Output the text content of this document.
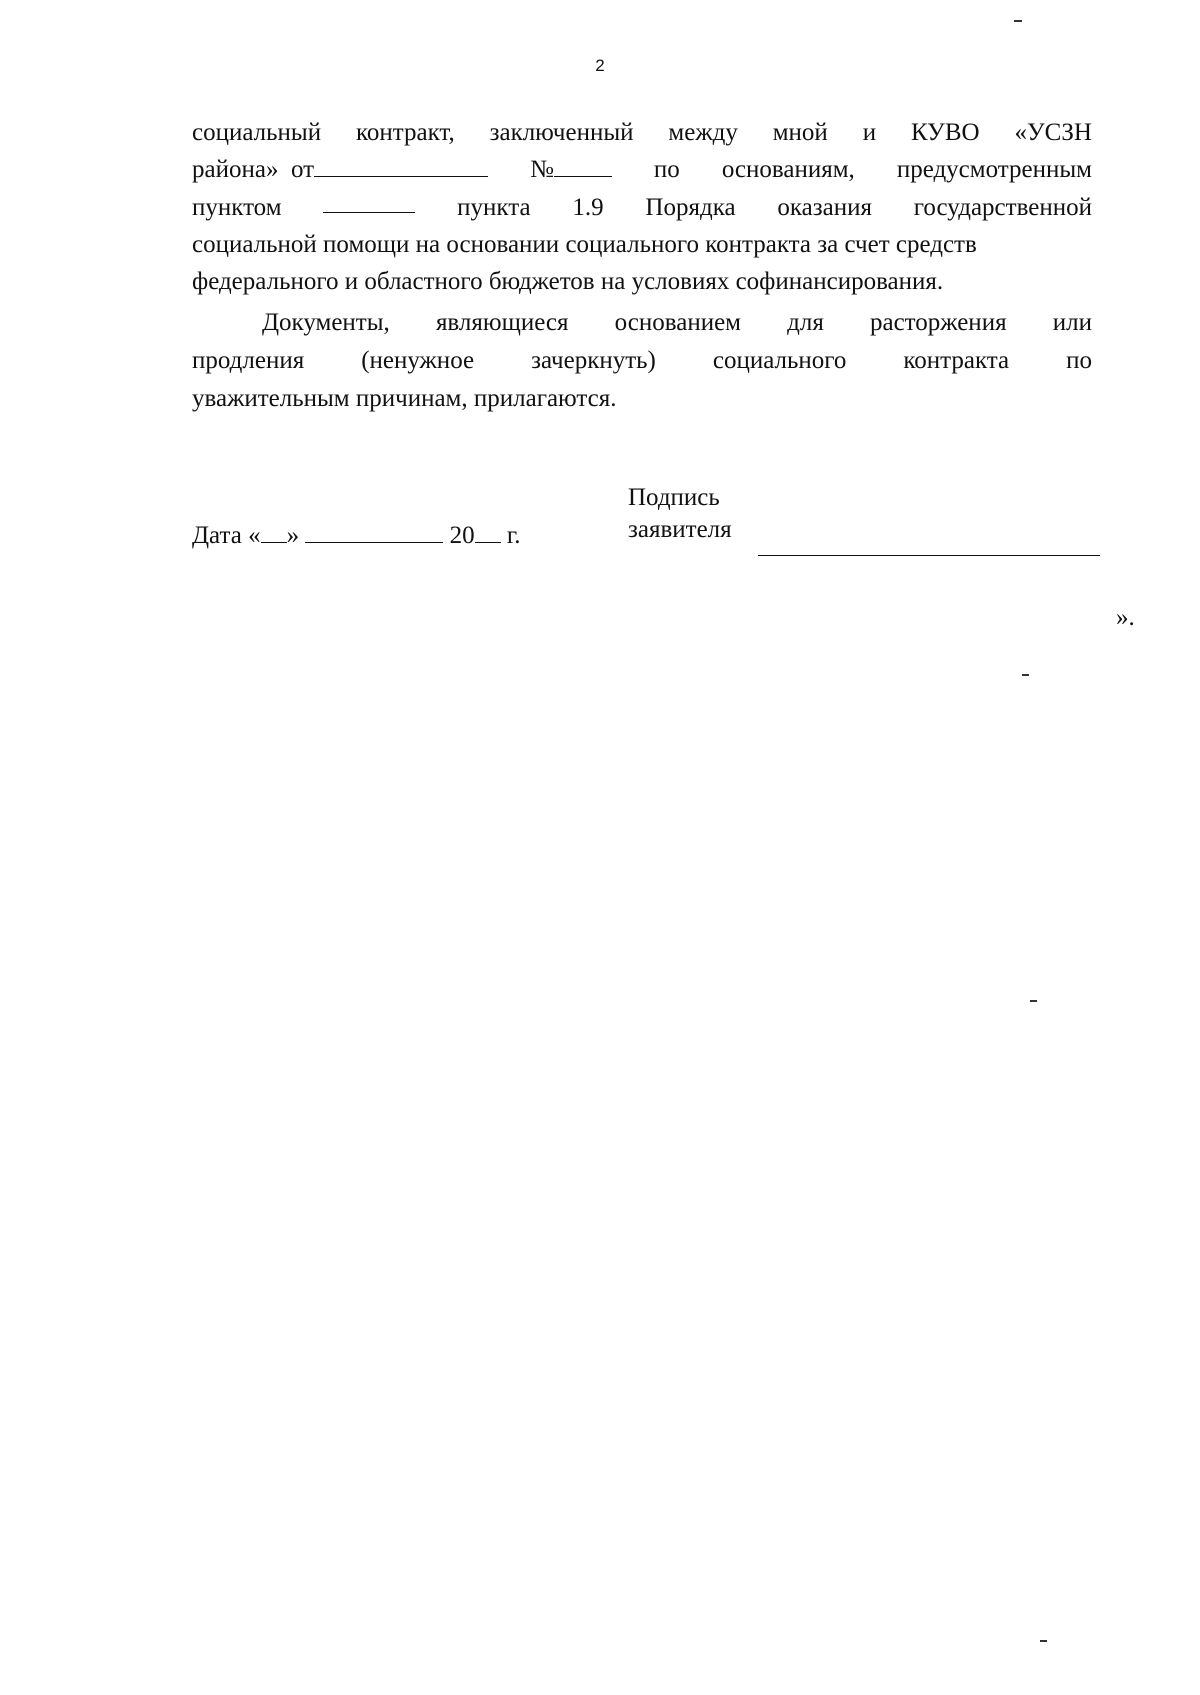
2
социальный контракт, заключенный между мной и КУВО «УСЗН
района» от	№	по основаниям, предусмотренным
пунктом	пункта 1.9 Порядка оказания государственной
социальной помощи на основании социального контракта за счет средств
федерального и областного бюджетов на условиях софинансирования.
Документы, являющиеся основанием для расторжения или
продления (ненужное зачеркнуть) социального контракта по
уважительным причинам, прилагаются.
Дата « »	20 г.
Подпись
заявителя
».
